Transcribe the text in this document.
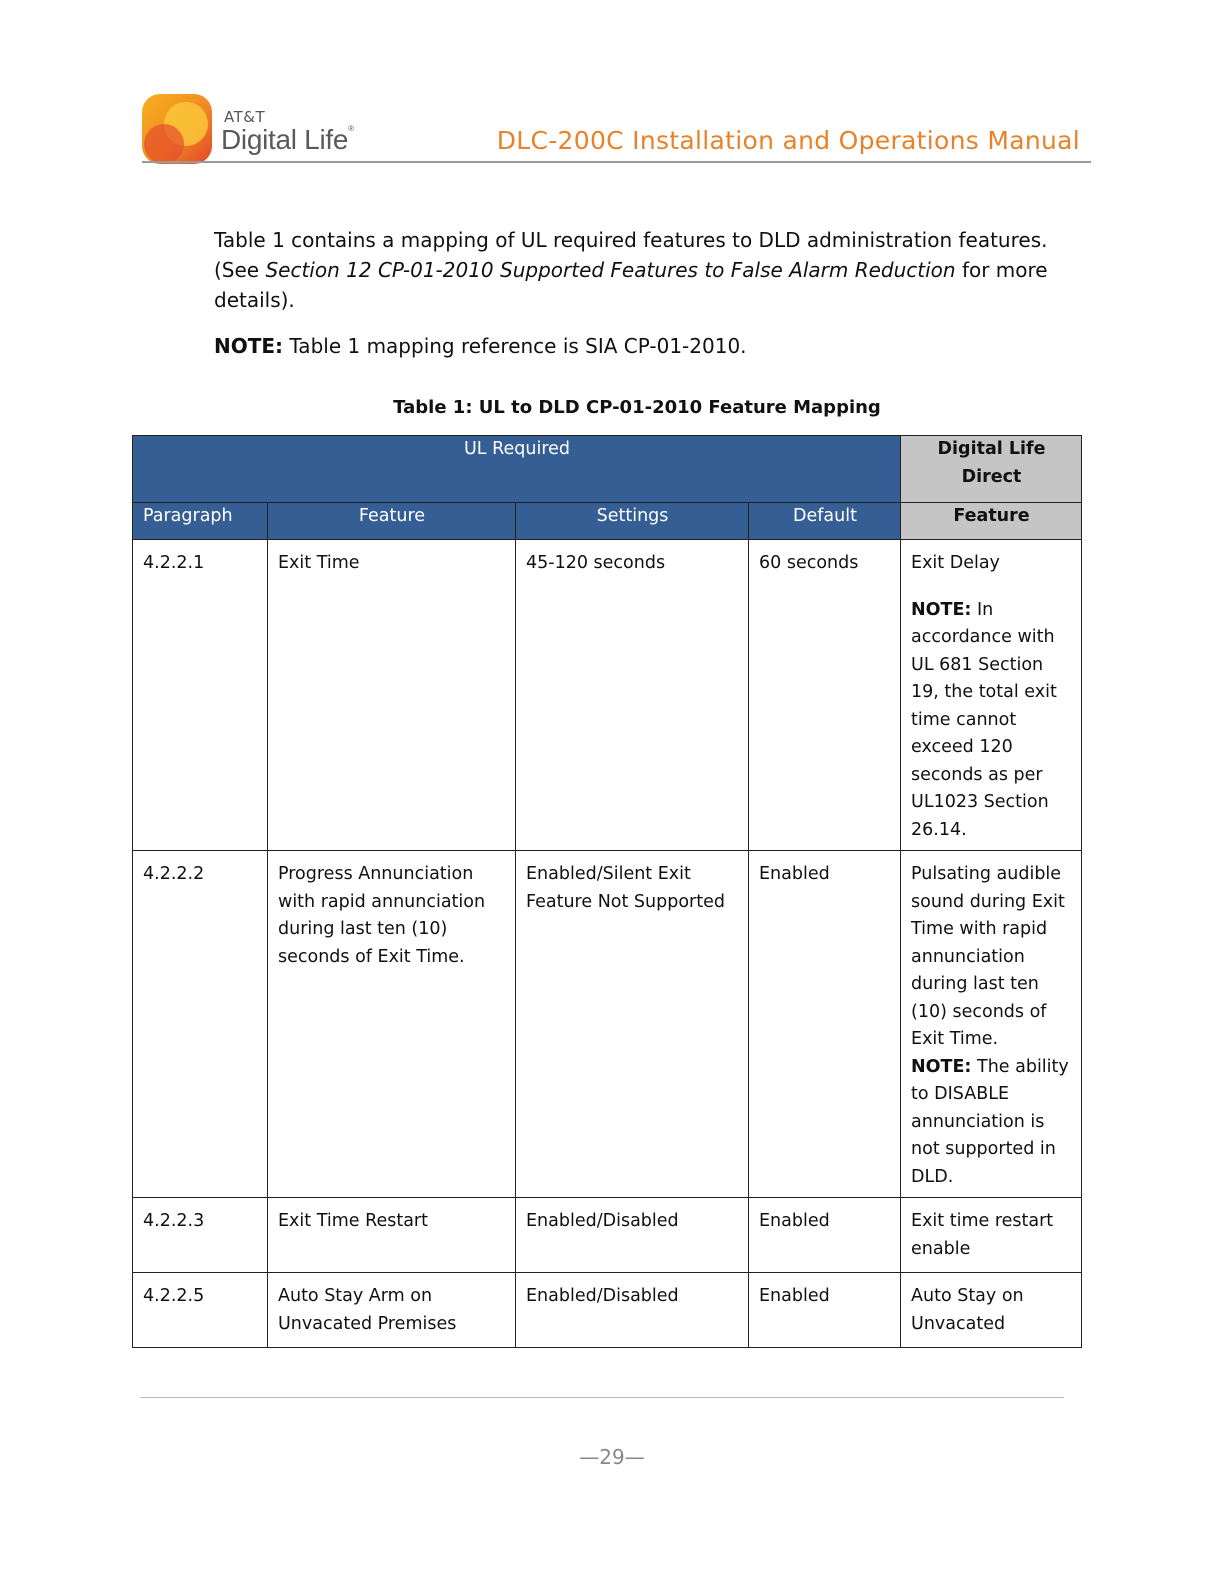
AT&T
Digital Life®	DLC-200C Installation and Operations Manual
Table 1 contains a mapping of UL required features to DLD administration features. (See Section 12 CP-01-2010 Supported Features to False Alarm Reduction for more details).
NOTE: Table 1 mapping reference is SIA CP-01-2010.
Table 1: UL to DLD CP-01-2010 Feature Mapping
UL Required				Digital Life Direct
Paragraph	Feature	Settings	Default	Feature
4.2.2.1	Exit Time	45-120 seconds	60 seconds	Exit Delay
NOTE: In accordance with UL 681 Section 19, the total exit time cannot exceed 120 seconds as per UL1023 Section 26.14.
4.2.2.2	Progress Annunciation with rapid annunciation during last ten (10) seconds of Exit Time.	Enabled/Silent Exit Feature Not Supported	Enabled	Pulsating audible sound during Exit Time with rapid annunciation during last ten (10) seconds of Exit Time.
NOTE: The ability to DISABLE annunciation is not supported in DLD.
4.2.2.3	Exit Time Restart	Enabled/Disabled	Enabled	Exit time restart enable
4.2.2.5	Auto Stay Arm on Unvacated Premises	Enabled/Disabled	Enabled	Auto Stay on Unvacated
—29—
